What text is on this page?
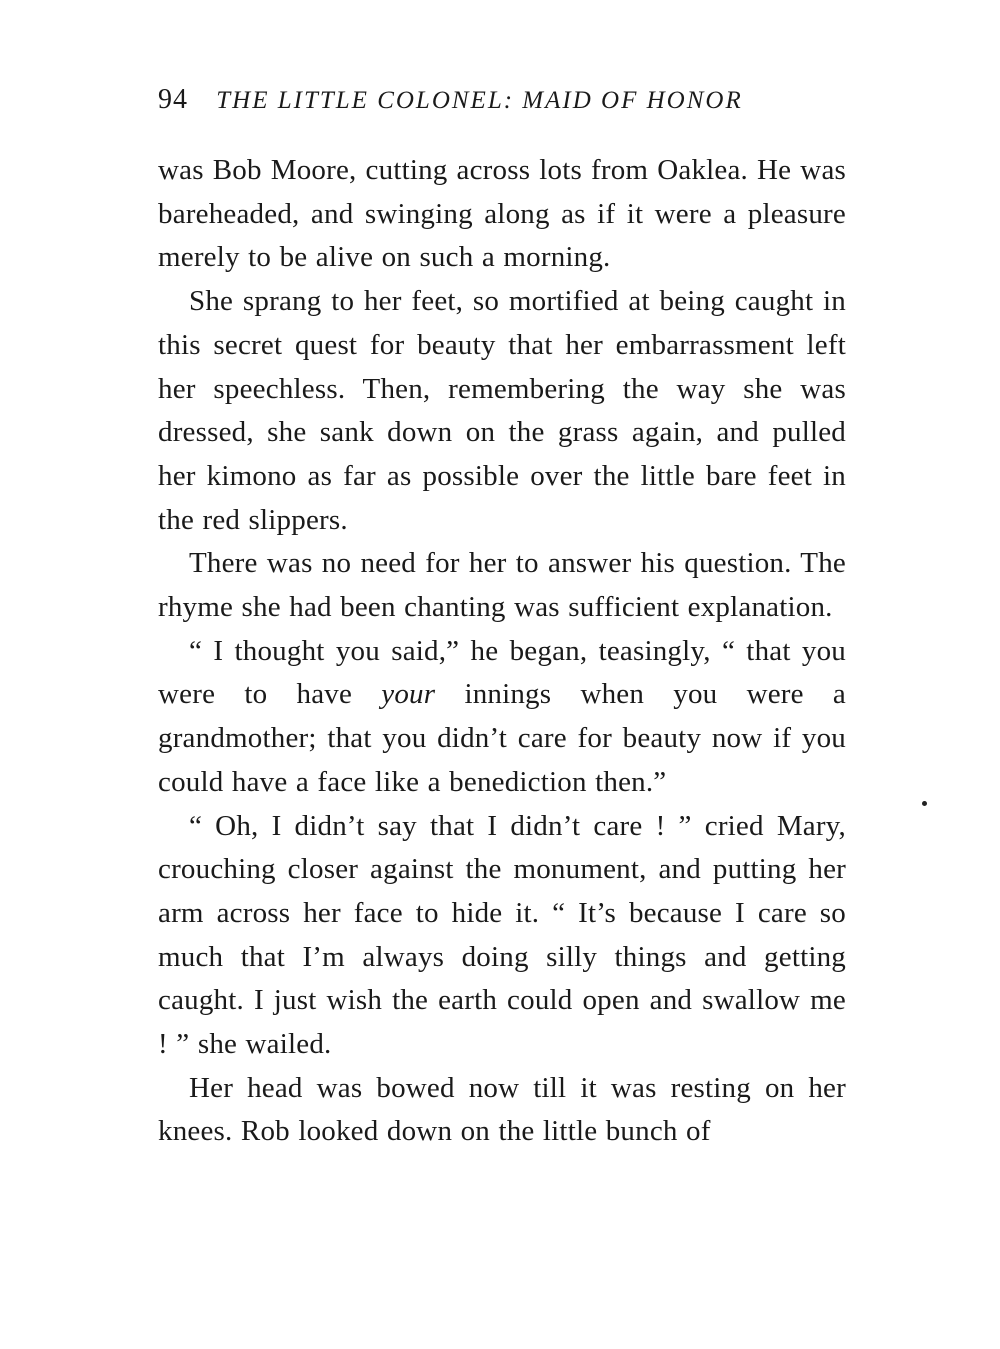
94 THE LITTLE COLONEL: MAID OF HONOR

was Bob Moore, cutting across lots from Oaklea. He was bareheaded, and swinging along as if it were a pleasure merely to be alive on such a morning.

She sprang to her feet, so mortified at being caught in this secret quest for beauty that her embarrassment left her speechless. Then, remembering the way she was dressed, she sank down on the grass again, and pulled her kimono as far as possible over the little bare feet in the red slippers.

There was no need for her to answer his question. The rhyme she had been chanting was sufficient explanation.

“ I thought you said,” he began, teasingly, “ that you were to have your innings when you were a grandmother; that you didn’t care for beauty now if you could have a face like a benediction then.”

“ Oh, I didn’t say that I didn’t care ! ” cried Mary, crouching closer against the monument, and putting her arm across her face to hide it. “ It’s because I care so much that I’m always doing silly things and getting caught. I just wish the earth could open and swallow me ! ” she wailed.

Her head was bowed now till it was resting on her knees. Rob looked down on the little bunch of
